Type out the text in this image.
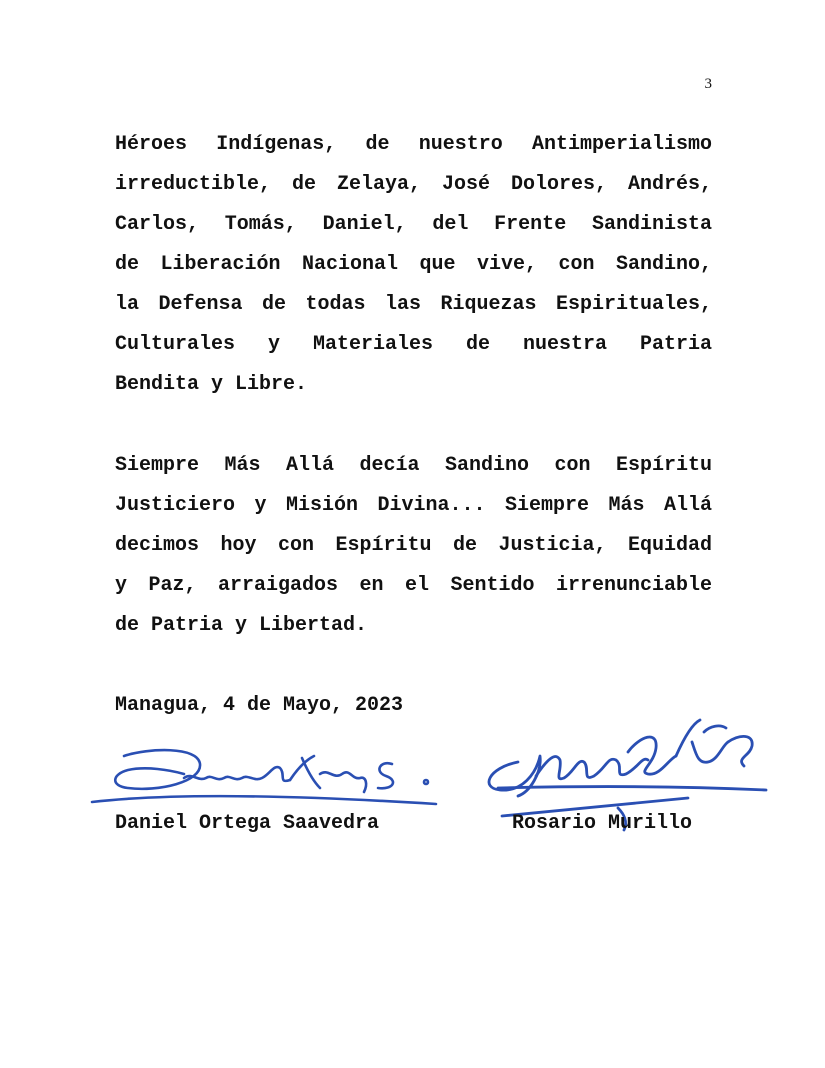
3
Héroes Indígenas, de nuestro Antimperialismo
irreductible, de Zelaya, José Dolores, Andrés,
Carlos, Tomás, Daniel, del Frente Sandinista
de Liberación Nacional que vive, con Sandino,
la Defensa de todas las Riquezas Espirituales,
Culturales y Materiales de nuestra Patria
Bendita y Libre.
Siempre Más Allá decía Sandino con Espíritu
Justiciero y Misión Divina... Siempre Más Allá
decimos hoy con Espíritu de Justicia, Equidad
y Paz, arraigados en el Sentido irrenunciable
de Patria y Libertad.
Managua, 4 de Mayo, 2023
Daniel Ortega Saavedra	Rosario Murillo
